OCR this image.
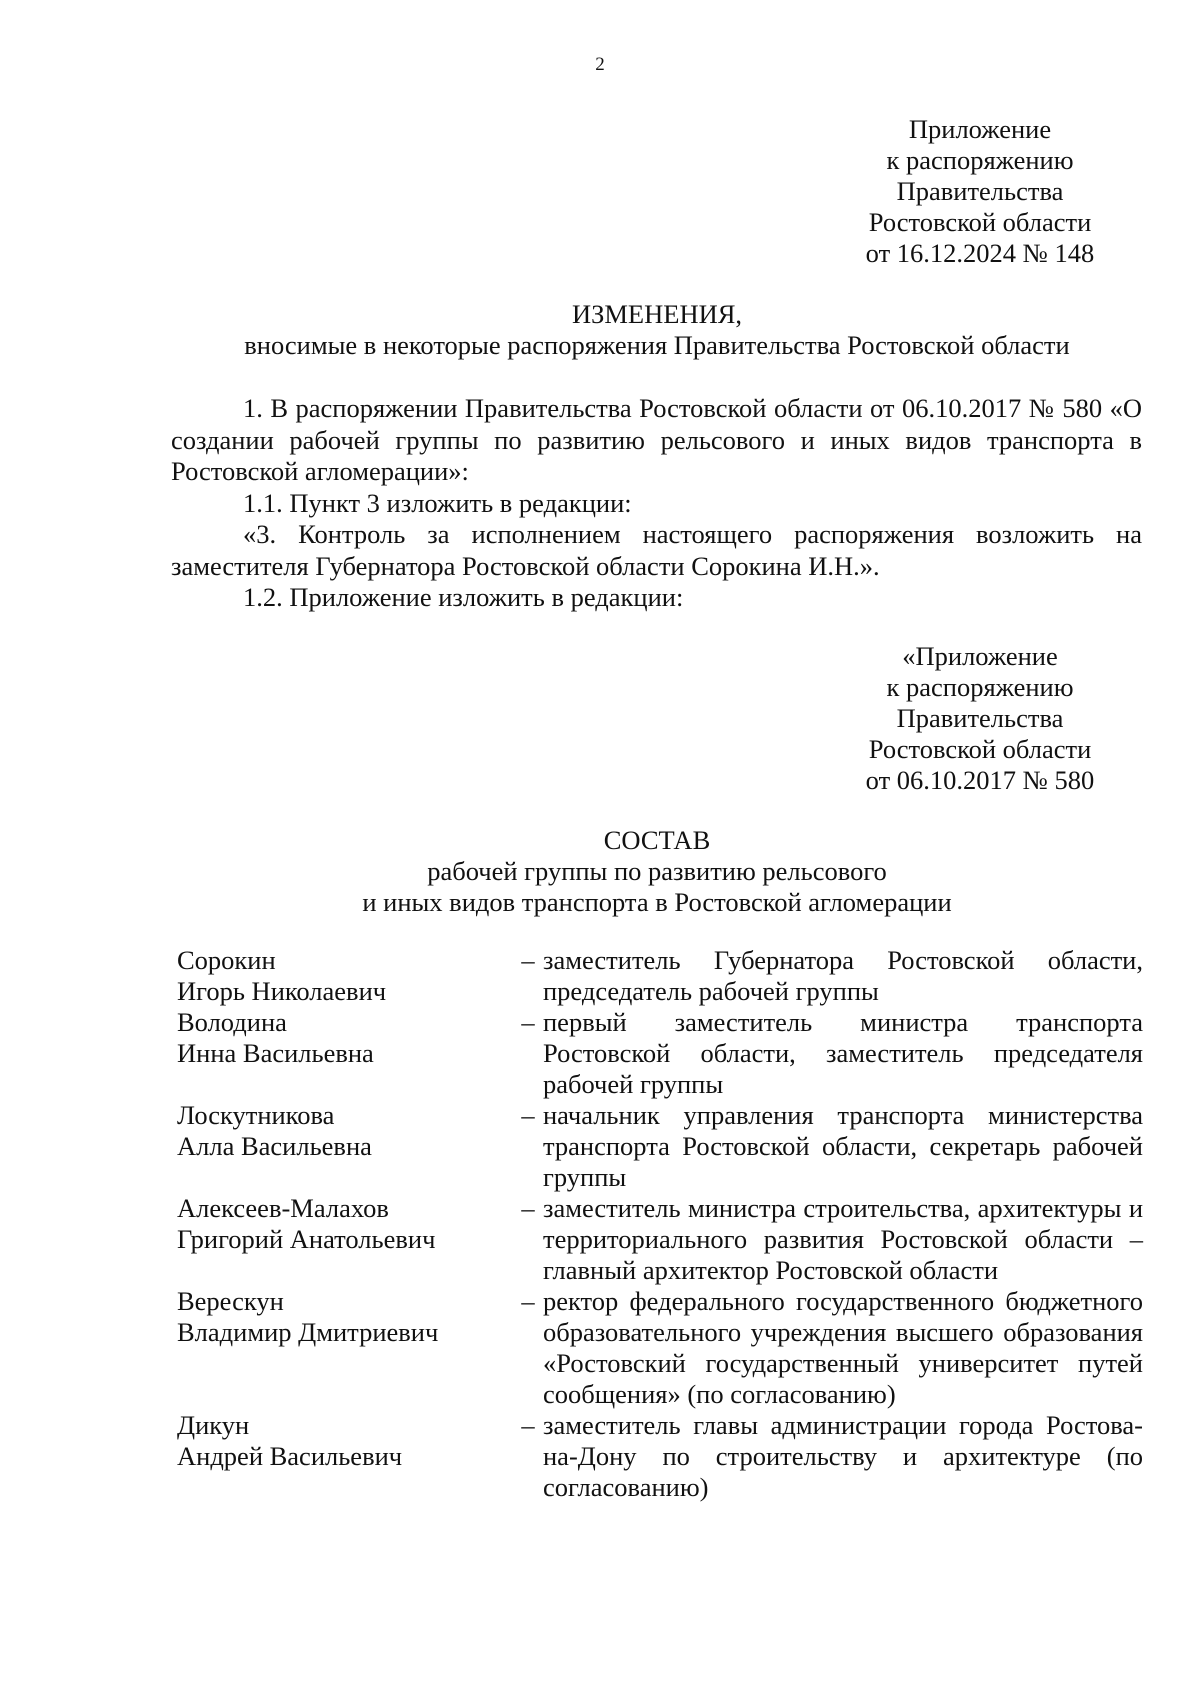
2
Приложение
к распоряжению
Правительства
Ростовской области
от 16.12.2024 № 148
ИЗМЕНЕНИЯ,
вносимые в некоторые распоряжения Правительства Ростовской области

1. В распоряжении Правительства Ростовской области от 06.10.2017 № 580 «О создании рабочей группы по развитию рельсового и иных видов транспорта в Ростовской агломерации»:

1.1. Пункт 3 изложить в редакции:

«3. Контроль за исполнением настоящего распоряжения возложить на заместителя Губернатора Ростовской области Сорокина И.Н.».

1.2. Приложение изложить в редакции:

«Приложение
к распоряжению
Правительства
Ростовской области
от 06.10.2017 № 580
СОСТАВ
рабочей группы по развитию рельсового
и иных видов транспорта в Ростовской агломерации
Сорокин
Игорь Николаевич
– заместитель Губернатора Ростовской области, председатель рабочей группы
Володина
Инна Васильевна
– первый заместитель министра транспорта Ростовской области, заместитель председателя рабочей группы
Лоскутникова
Алла Васильевна
– начальник управления транспорта министерства транспорта Ростовской области, секретарь рабочей группы
Алексеев-Малахов
Григорий Анатольевич
– заместитель министра строительства, архитектуры и территориального развития Ростовской области – главный архитектор Ростовской области
Верескун
Владимир Дмитриевич
– ректор федерального государственного бюджетного образовательного учреждения высшего образования «Ростовский государственный университет путей сообщения» (по согласованию)
Дикун
Андрей Васильевич
– заместитель главы администрации города Ростова-на-Дону по строительству и архитектуре (по согласованию)
